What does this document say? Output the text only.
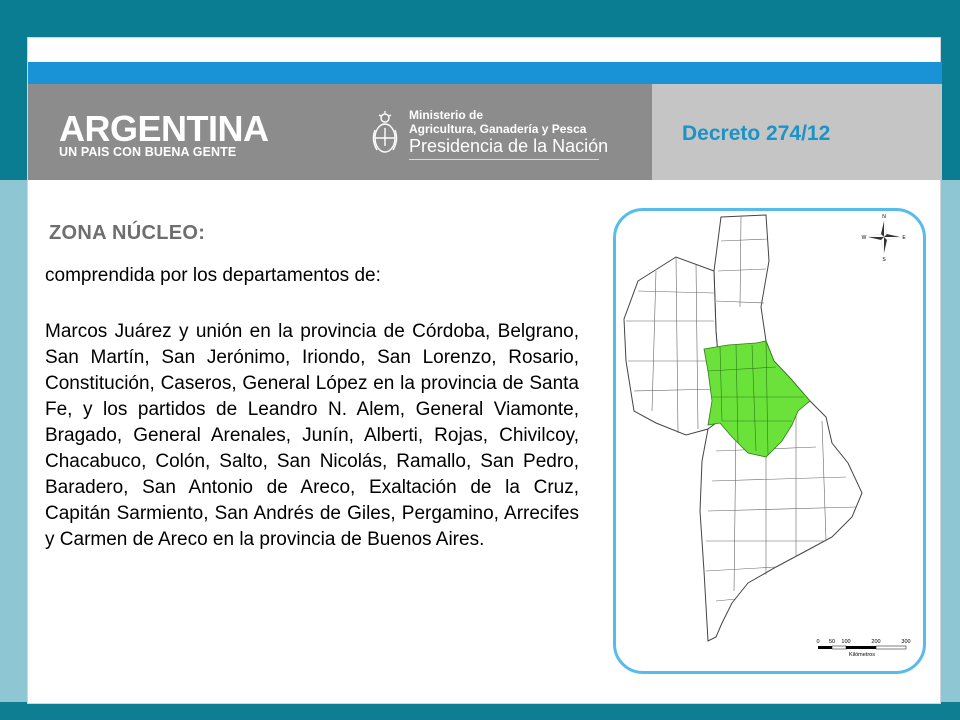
ARGENTINA
UN PAIS CON BUENA GENTE
Ministerio de
Agricultura, Ganadería y Pesca
Presidencia de la Nación
Decreto 274/12
ZONA NÚCLEO:
comprendida por los departamentos de:
Marcos Juárez y unión en la provincia de Córdoba, Belgrano, San Martín, San Jerónimo, Iriondo, San Lorenzo, Rosario, Constitución, Caseros, General López en la provincia de Santa Fe, y los partidos de Leandro N. Alem, General Viamonte, Bragado, General Arenales, Junín, Alberti, Rojas, Chivilcoy, Chacabuco, Colón, Salto, San Nicolás, Ramallo, San Pedro, Baradero, San Antonio de Areco, Exaltación de la Cruz, Capitán Sarmiento, San Andrés de Giles, Pergamino, Arrecifes y Carmen de Areco en la provincia de Buenos Aires.
N
S
E
W
0 50 100	200	300
Kilómetros
